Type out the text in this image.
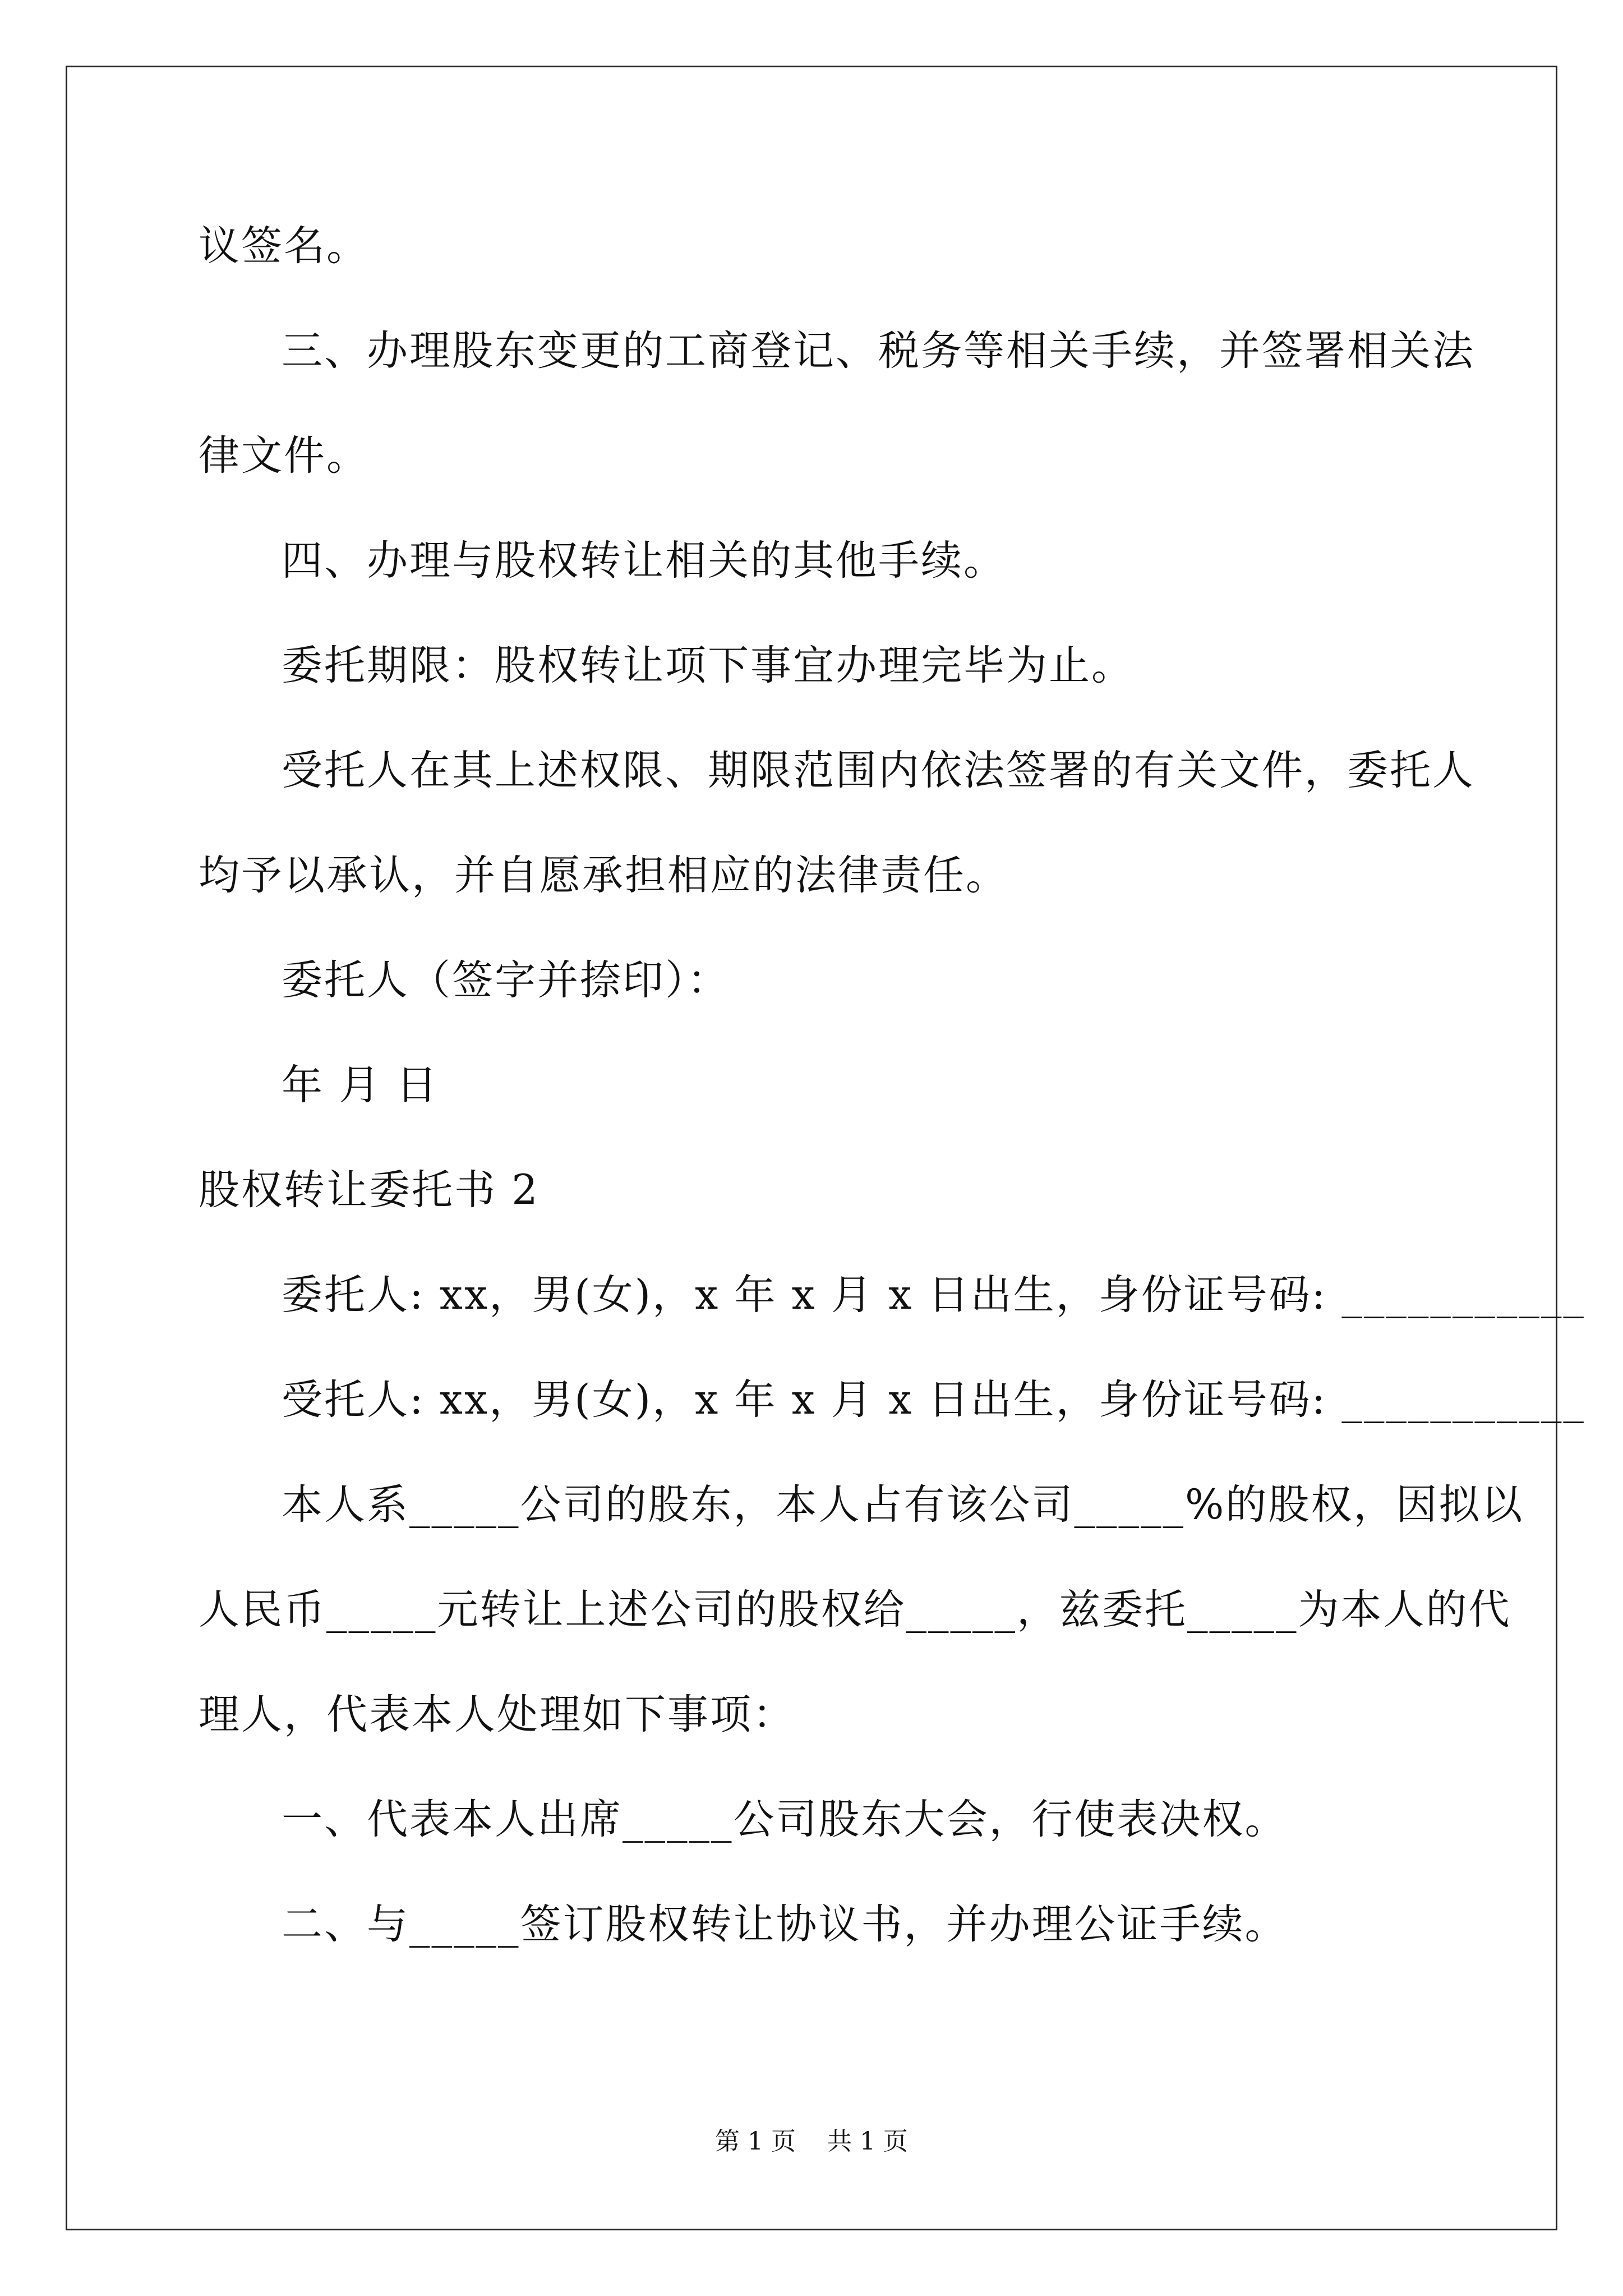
议签名。

三、办理股东变更的工商登记、税务等相关手续，并签署相关法

律文件。

四、办理与股权转让相关的其他手续。

委托期限：股权转让项下事宜办理完毕为止。

受托人在其上述权限、期限范围内依法签署的有关文件，委托人

均予以承认，并自愿承担相应的法律责任。

委托人（签字并捺印）：

年 月 日

股权转让委托书 2

委托人: xx，男(女)，x 年 x 月 x 日出生，身份证号码: ___________

受托人: xx，男(女)，x 年 x 月 x 日出生，身份证号码: ___________

本人系_____公司的股东，本人占有该公司_____%的股权，因拟以

人民币_____元转让上述公司的股权给_____，兹委托_____为本人的代

理人，代表本人处理如下事项：

一、代表本人出席_____公司股东大会，行使表决权。

二、与_____签订股权转让协议书，并办理公证手续。

第 1 页    共 1 页
